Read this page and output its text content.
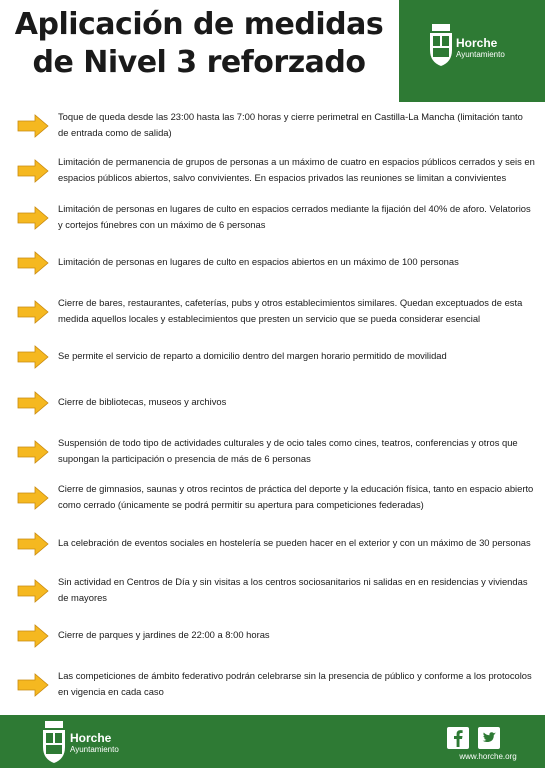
Aplicación de medidas
de Nivel 3 reforzado
Horche
Ayuntamiento
Toque de queda desde las 23:00 hasta las 7:00 horas y cierre perimetral en Castilla-La Mancha (limitación tanto
de entrada como de salida)
Limitación de permanencia de grupos de personas a un máximo de cuatro en espacios públicos cerrados y seis en
espacios públicos abiertos, salvo convivientes. En espacios privados las reuniones se limitan a convivientes
Limitación de personas en lugares de culto en espacios cerrados mediante la fijación del 40% de aforo. Velatorios
y cortejos fúnebres con un máximo de 6 personas
Limitación de personas en lugares de culto en espacios abiertos en un máximo de 100 personas
Cierre de bares, restaurantes, cafeterías, pubs y otros establecimientos similares. Quedan exceptuados de esta
medida aquellos locales y establecimientos que presten un servicio que se pueda considerar esencial
Se permite el servicio de reparto a domicilio dentro del margen horario permitido de movilidad
Cierre de bibliotecas, museos y archivos
Suspensión de todo tipo de actividades culturales y de ocio tales como cines, teatros, conferencias y otros que
supongan la participación o presencia de más de 6 personas
Cierre de gimnasios, saunas y otros recintos de práctica del deporte y la educación física, tanto en espacio abierto
como cerrado (únicamente se podrá permitir su apertura para competiciones federadas)
La celebración de eventos sociales en hostelería se pueden hacer en el exterior y con un máximo de 30 personas
Sin actividad en Centros de Día y sin visitas a los centros sociosanitarios ni salidas en en residencias y viviendas
de mayores
Cierre de parques y jardines de 22:00 a 8:00 horas
Las competiciones de ámbito federativo podrán celebrarse sin la presencia de público y conforme a los protocolos
en vigencia en cada caso
Horche
Ayuntamiento
www.horche.org
